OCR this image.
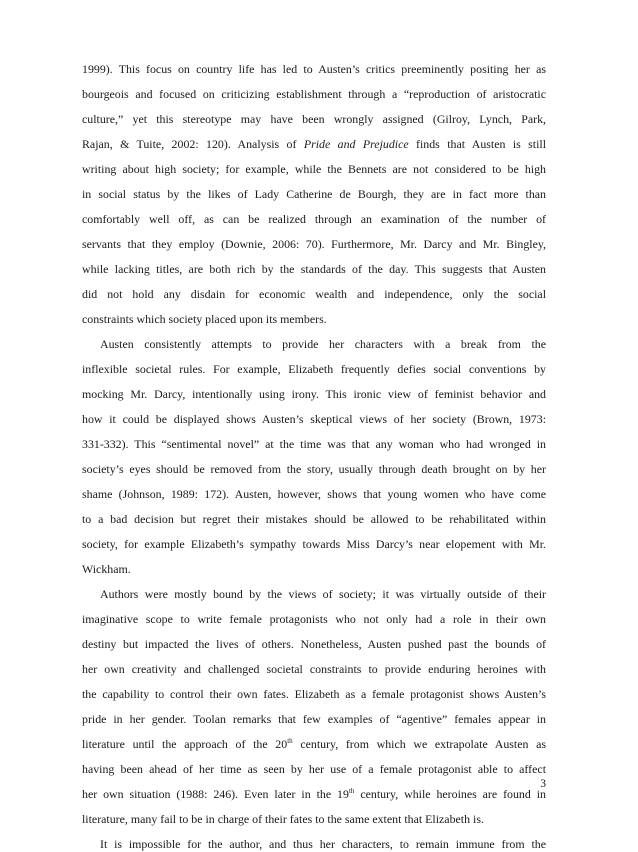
1999). This focus on country life has led to Austen’s critics preeminently positing her as
bourgeois and focused on criticizing establishment through a “reproduction of aristocratic
culture,” yet this stereotype may have been wrongly assigned (Gilroy, Lynch, Park,
Rajan, & Tuite, 2002: 120). Analysis of Pride and Prejudice finds that Austen is still
writing about high society; for example, while the Bennets are not considered to be high
in social status by the likes of Lady Catherine de Bourgh, they are in fact more than
comfortably well off, as can be realized through an examination of the number of
servants that they employ (Downie, 2006: 70). Furthermore, Mr. Darcy and Mr. Bingley,
while lacking titles, are both rich by the standards of the day. This suggests that Austen
did not hold any disdain for economic wealth and independence, only the social
constraints which society placed upon its members.
Austen consistently attempts to provide her characters with a break from the
inflexible societal rules. For example, Elizabeth frequently defies social conventions by
mocking Mr. Darcy, intentionally using irony. This ironic view of feminist behavior and
how it could be displayed shows Austen’s skeptical views of her society (Brown, 1973:
331-332). This “sentimental novel” at the time was that any woman who had wronged in
society’s eyes should be removed from the story, usually through death brought on by her
shame (Johnson, 1989: 172). Austen, however, shows that young women who have come
to a bad decision but regret their mistakes should be allowed to be rehabilitated within
society, for example Elizabeth’s sympathy towards Miss Darcy’s near elopement with Mr.
Wickham.
Authors were mostly bound by the views of society; it was virtually outside of their
imaginative scope to write female protagonists who not only had a role in their own
destiny but impacted the lives of others. Nonetheless, Austen pushed past the bounds of
her own creativity and challenged societal constraints to provide enduring heroines with
the capability to control their own fates. Elizabeth as a female protagonist shows Austen’s
pride in her gender. Toolan remarks that few examples of “agentive” females appear in
literature until the approach of the 20th century, from which we extrapolate Austen as
having been ahead of her time as seen by her use of a female protagonist able to affect
her own situation (1988: 246). Even later in the 19th century, while heroines are found in
literature, many fail to be in charge of their fates to the same extent that Elizabeth is.
It is impossible for the author, and thus her characters, to remain immune from the
3
